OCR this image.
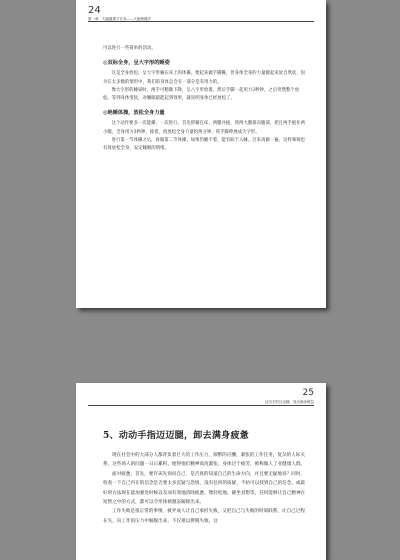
24
第一章　大脑健康才长寿——大脑保健法

可以进行一些简单的活动。

◎双标全身，呈大字形的睡姿

这是全身放松，呈大字形躺在床上的体操。要起来做手脚操，但身体全身的力量微起来放自然状，因为在太多数的情形中，我们的身体总会有一部分是有用力的。

像大字形的睡姿时，两手可稍微下降，呈八字形放置，然后手脚一起用力3秒钟，之后突然整个放松。等到身体变软，对睡眠最能起到效果，就说明身体已经放松了。

◎绝睡体操，放松全身力量

这个动作要多一次能操，一次进行。首先仰躺在床，两腿并拢，将两大腿靠向腹部，把且两手抱住两小腿，全身用力3秒钟，接着，放放松全身力量约两分钟，将手脚伸展成大字形。

进行第一节体操之后，再做第二节体操，如果仍睡不着，能有助于入睡。过来再做一遍，这样频频也有效放松全身，安定睡眠的情绪。

25
活出手的还迈腿，放出满身缓急
5、动动手指迈迈腿，卸去满身疲惫

现在社会中的大部分人都背负着巨大的工作压力，频繁的应酬，紧张的工作任务，复杂的人际关系，这些场人的问题一日日累积，使得他们精神高度紧张，身体过于疲劳，被称做人了亚健康人群。

面对疲惫，首先，要许该先询问自己，是否真的知道自己的生命方向，并且要无疑地说？同时，检查一下自己内在的信念是否要太多沉疑与恐惧，没有任何的质疑，不妨可以找到自己的信念，或最好时方法现在能加强处时候以及而有效地消除疲惫，像轻松地，静坐冥想等，任何能够让自己精神在短暂之中的方式，都可以令形体被激奋解除出来。

工作失败是很正常的事情，被弄成人让自己承担失败，又把自己与失败的时间联系，让自己过程在失，向工作的压力中解脱出来，不仅难以摆脱失败，这
